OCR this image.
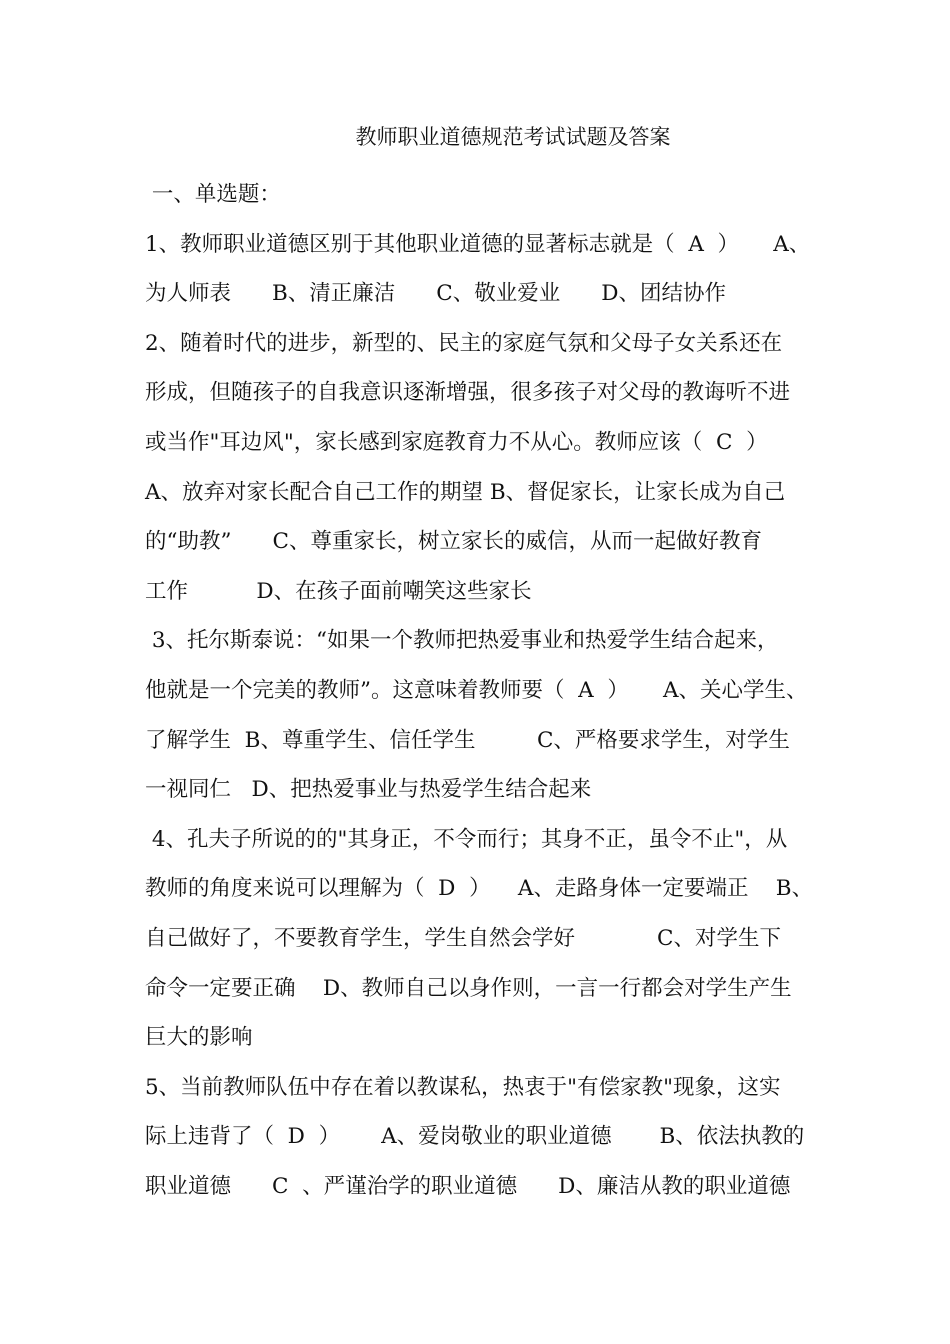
教师职业道德规范考试试题及答案
一、单选题：
1、教师职业道德区别于其他职业道德的显著标志就是（  A  ）     A、
为人师表      B、清正廉洁      C、敬业爱业      D、团结协作
2、随着时代的进步，新型的、民主的家庭气氛和父母子女关系还在
形成，但随孩子的自我意识逐渐增强，很多孩子对父母的教诲听不进
或当作"耳边风"，家长感到家庭教育力不从心。教师应该（  C  ）
A、放弃对家长配合自己工作的期望 B、督促家长，让家长成为自己
的“助教”      C、尊重家长，树立家长的威信，从而一起做好教育
工作          D、在孩子面前嘲笑这些家长
3、托尔斯泰说：“如果一个教师把热爱事业和热爱学生结合起来，
他就是一个完美的教师”。这意味着教师要（  A  ）     A、关心学生、
了解学生  B、尊重学生、信任学生         C、严格要求学生，对学生
一视同仁   D、把热爱事业与热爱学生结合起来
4、孔夫子所说的的"其身正，不令而行；其身不正，虽令不止"，从
教师的角度来说可以理解为（  D  ）    A、走路身体一定要端正    B、
自己做好了，不要教育学生，学生自然会学好            C、对学生下
命令一定要正确    D、教师自己以身作则，一言一行都会对学生产生
巨大的影响
5、当前教师队伍中存在着以教谋私，热衷于"有偿家教"现象，这实
际上违背了（  D  ）      A、爱岗敬业的职业道德       B、依法执教的
职业道德      C  、严谨治学的职业道德      D、廉洁从教的职业道德
